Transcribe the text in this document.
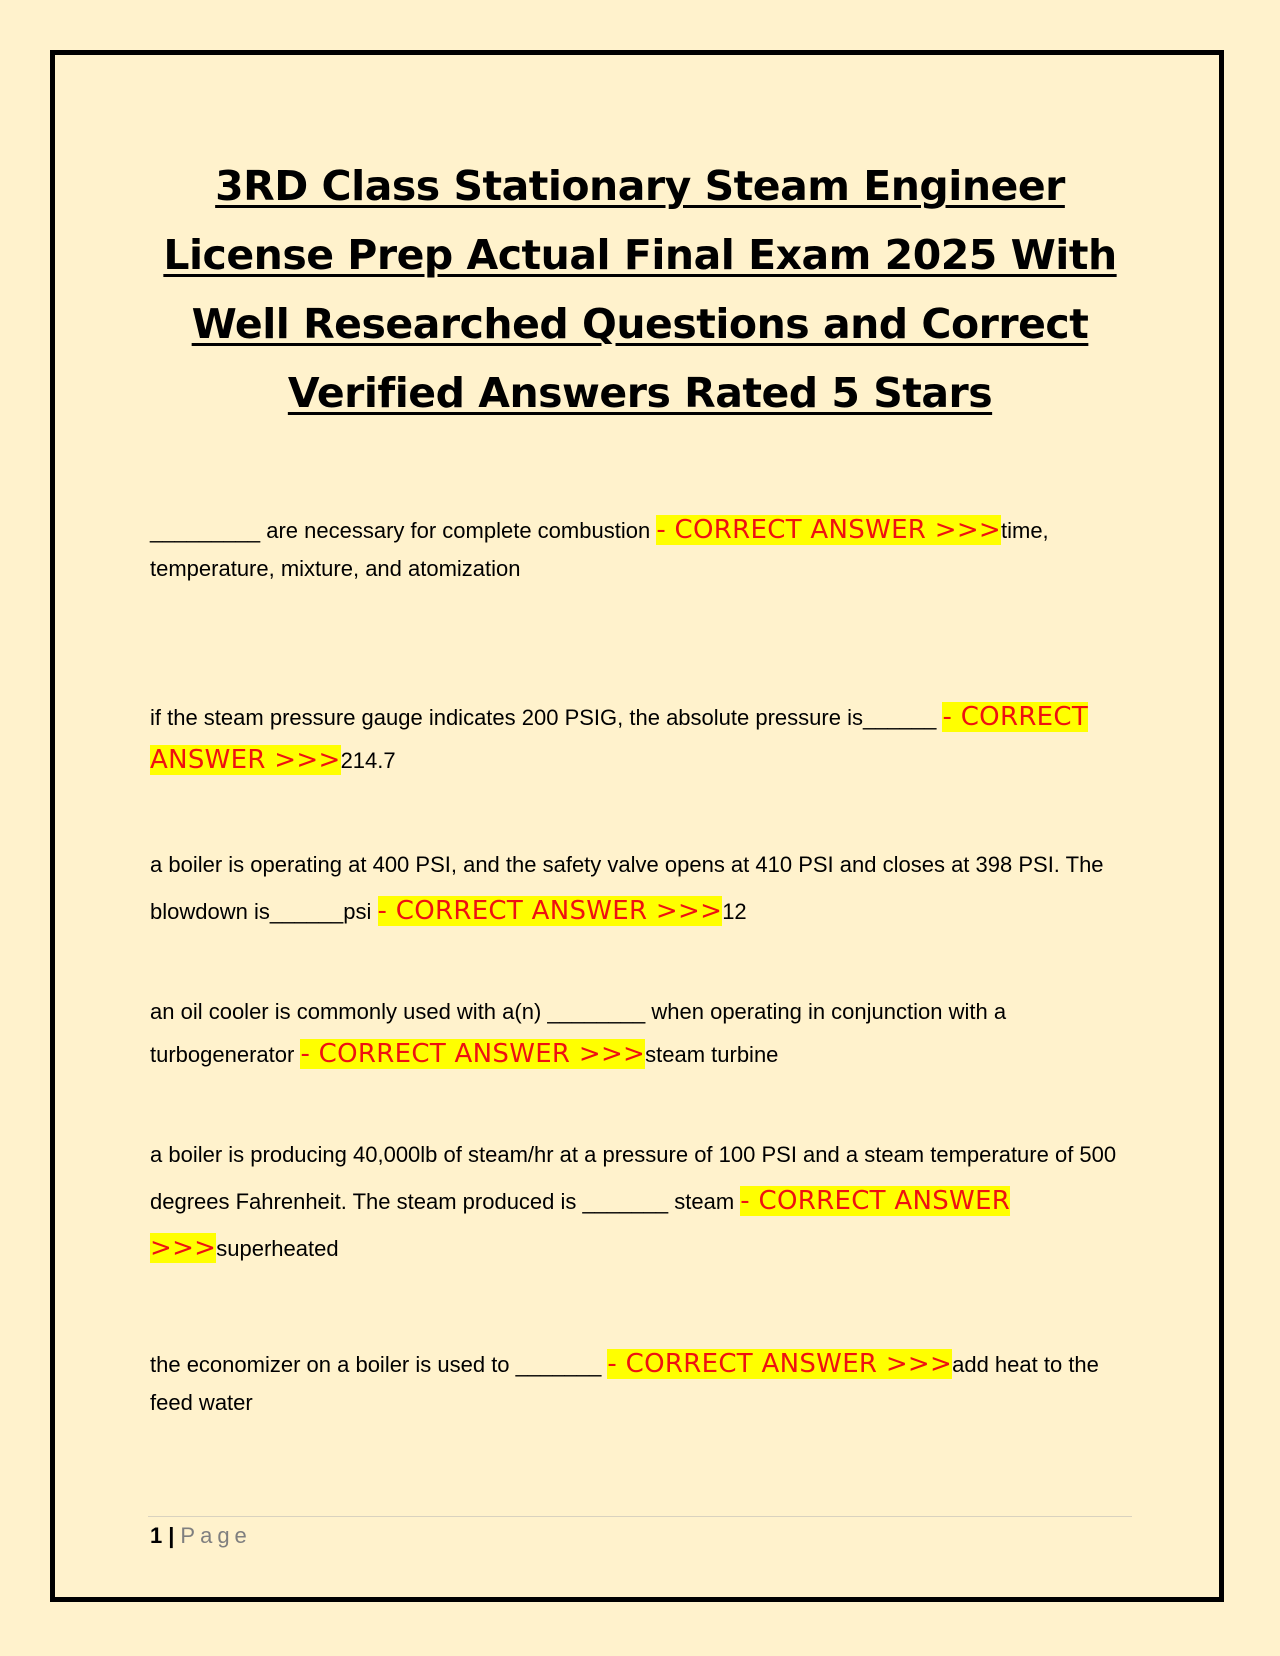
3RD Class Stationary Steam Engineer License Prep Actual Final Exam 2025 With Well Researched Questions and Correct Verified Answers Rated 5 Stars

_________ are necessary for complete combustion - CORRECT ANSWER >>>time, temperature, mixture, and atomization

if the steam pressure gauge indicates 200 PSIG, the absolute pressure is______ - CORRECT ANSWER >>>214.7

a boiler is operating at 400 PSI, and the safety valve opens at 410 PSI and closes at 398 PSI. The blowdown is______psi - CORRECT ANSWER >>>12

an oil cooler is commonly used with a(n) ________ when operating in conjunction with a turbogenerator - CORRECT ANSWER >>>steam turbine

a boiler is producing 40,000lb of steam/hr at a pressure of 100 PSI and a steam temperature of 500 degrees Fahrenheit. The steam produced is _______ steam - CORRECT ANSWER >>>superheated

the economizer on a boiler is used to _______ - CORRECT ANSWER >>>add heat to the feed water

1 | Page
